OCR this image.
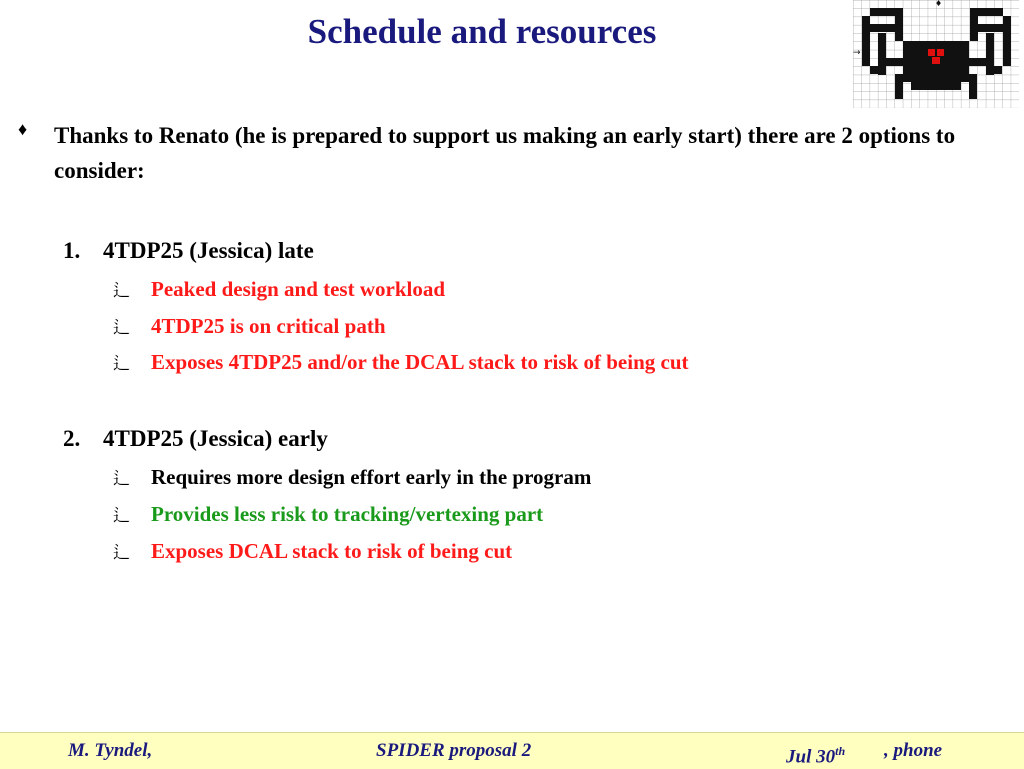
Schedule and resources
♦
→
♦ Thanks to Renato (he is prepared to support us making an early start) there are 2 options to consider:
1. 4TDP25 (Jessica) late
⻍ Peaked design and test workload
⻍ 4TDP25 is on critical path
⻍ Exposes 4TDP25 and/or the DCAL stack to risk of being cut
2. 4TDP25 (Jessica) early
⻍ Requires more design effort early in the program
⻍ Provides less risk to tracking/vertexing part
⻍ Exposes DCAL stack to risk of being cut
M. Tyndel,	SPIDER proposal 2	Jul 30th , phone
